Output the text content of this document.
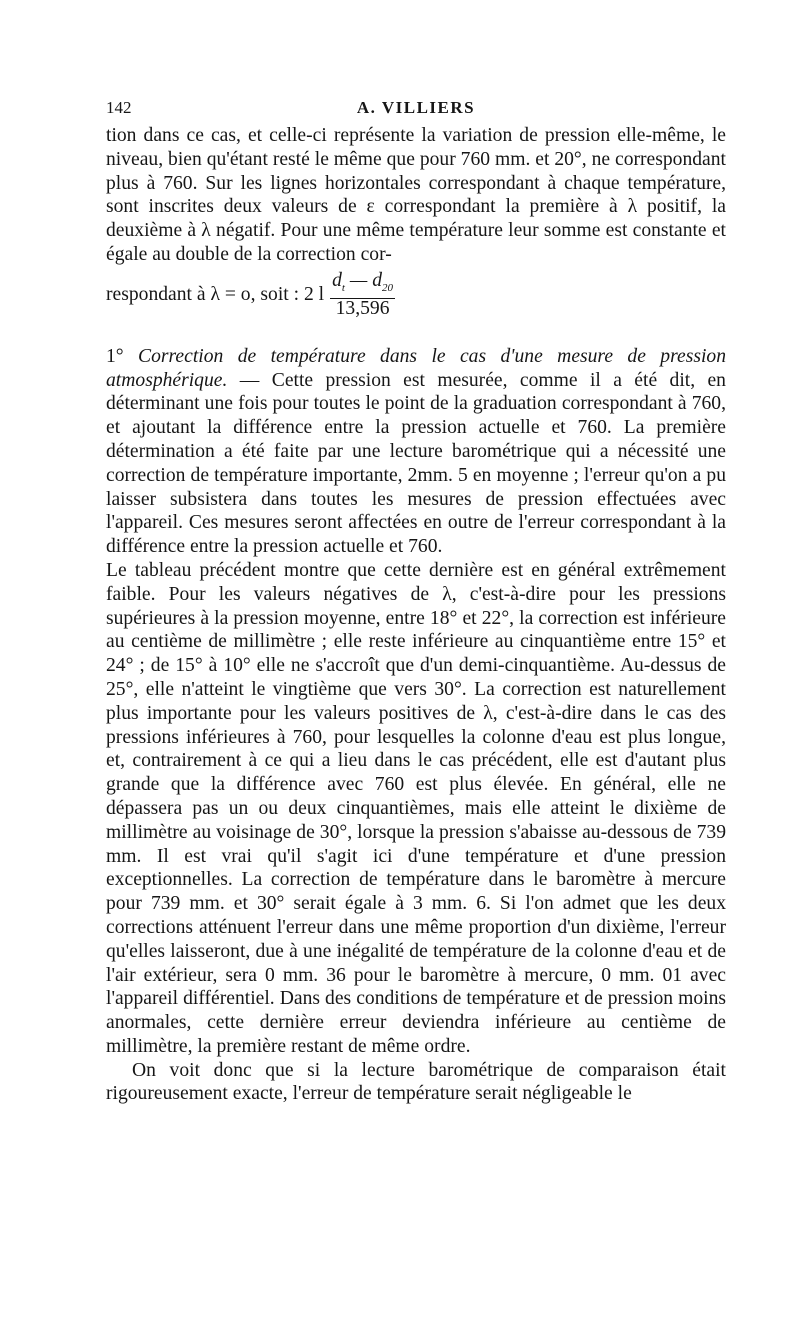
142	A. VILLIERS

tion dans ce cas, et celle-ci représente la variation de pression elle-même, le niveau, bien qu'étant resté le même que pour 760 mm. et 20°, ne correspondant plus à 760. Sur les lignes horizontales correspondant à chaque température, sont inscrites deux valeurs de ε correspondant la première à λ positif, la deuxième à λ négatif. Pour une même température leur somme est constante et égale au double de la correction cor-

respondant à λ = o, soit : 2 l $\frac{d_t — d_{20}}{13,596}$

1° Correction de température dans le cas d'une mesure de pression atmosphérique. — Cette pression est mesurée, comme il a été dit, en déterminant une fois pour toutes le point de la graduation correspondant à 760, et ajoutant la différence entre la pression actuelle et 760. La première détermination a été faite par une lecture barométrique qui a nécessité une correction de température importante, 2mm. 5 en moyenne ; l'erreur qu'on a pu laisser subsistera dans toutes les mesures de pression effectuées avec l'appareil. Ces mesures seront affectées en outre de l'erreur correspondant à la différence entre la pression actuelle et 760.

Le tableau précédent montre que cette dernière est en général extrêmement faible. Pour les valeurs négatives de λ, c'est-à-dire pour les pressions supérieures à la pression moyenne, entre 18° et 22°, la correction est inférieure au centième de millimètre ; elle reste inférieure au cinquantième entre 15° et 24° ; de 15° à 10° elle ne s'accroît que d'un demi-cinquantième. Au-dessus de 25°, elle n'atteint le vingtième que vers 30°. La correction est naturellement plus importante pour les valeurs positives de λ, c'est-à-dire dans le cas des pressions inférieures à 760, pour lesquelles la colonne d'eau est plus longue, et, contrairement à ce qui a lieu dans le cas précédent, elle est d'autant plus grande que la différence avec 760 est plus élevée. En général, elle ne dépassera pas un ou deux cinquantièmes, mais elle atteint le dixième de millimètre au voisinage de 30°, lorsque la pression s'abaisse au-dessous de 739 mm. Il est vrai qu'il s'agit ici d'une température et d'une pression exceptionnelles. La correction de température dans le baromètre à mercure pour 739 mm. et 30° serait égale à 3 mm. 6. Si l'on admet que les deux corrections atténuent l'erreur dans une même proportion d'un dixième, l'erreur qu'elles laisseront, due à une inégalité de température de la colonne d'eau et de l'air extérieur, sera 0 mm. 36 pour le baromètre à mercure, 0 mm. 01 avec l'appareil différentiel. Dans des conditions de température et de pression moins anormales, cette dernière erreur deviendra inférieure au centième de millimètre, la première restant de même ordre.

On voit donc que si la lecture barométrique de comparaison était rigoureusement exacte, l'erreur de température serait négligeable le
